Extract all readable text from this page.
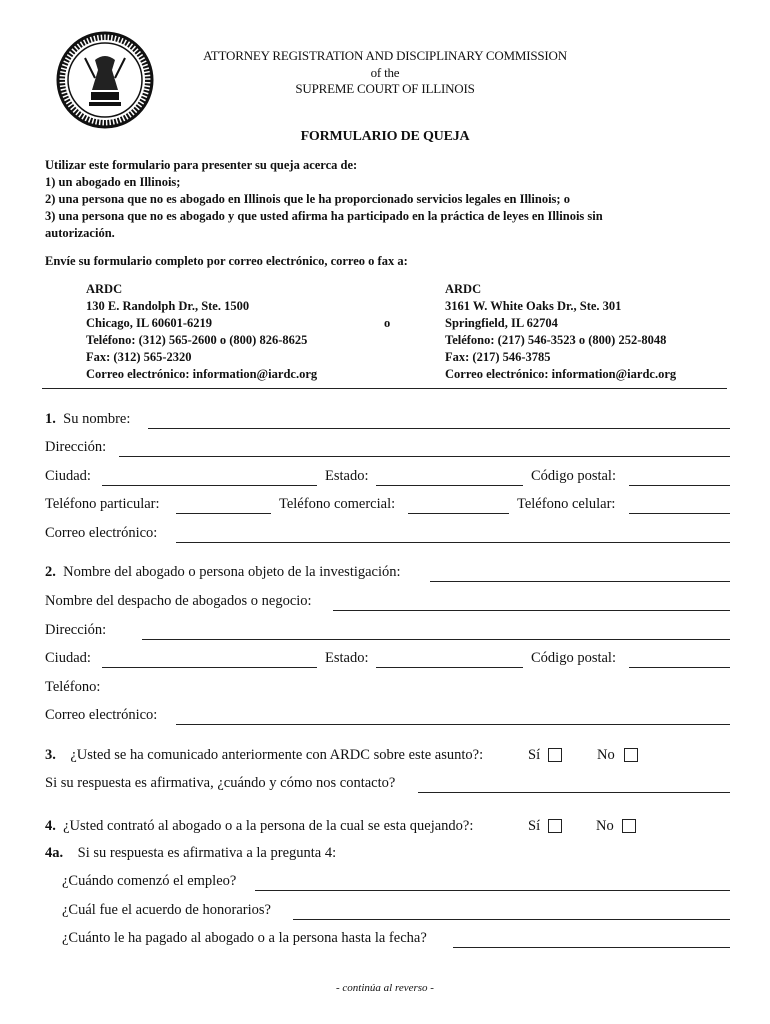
ATTORNEY REGISTRATION AND DISCIPLINARY COMMISSION
of the
SUPREME COURT OF ILLINOIS
FORMULARIO DE QUEJA
Utilizar este formulario para presenter su queja acerca de:
1) un abogado en Illinois;
2) una persona que no es abogado en Illinois que le ha proporcionado servicios legales en Illinois; o
3) una persona que no es abogado y que usted afirma ha participado en la práctica de leyes en Illinois sin
autorización.
Envíe su formulario completo por correo electrónico, correo o fax a:
ARDC
130 E. Randolph Dr., Ste. 1500
Chicago, IL 60601-6219
Teléfono: (312) 565-2600 o (800) 826-8625
Fax: (312) 565-2320
Correo electrónico: information@iardc.org
o
ARDC
3161 W. White Oaks Dr., Ste. 301
Springfield, IL 62704
Teléfono: (217) 546-3523 o (800) 252-8048
Fax: (217) 546-3785
Correo electrónico: information@iardc.org
1. Su nombre:
Dirección:
Ciudad:	Estado:	Código postal:
Teléfono particular:	Teléfono comercial:	Teléfono celular:
Correo electrónico:
2. Nombre del abogado o persona objeto de la investigación:
Nombre del despacho de abogados o negocio:
Dirección:
Ciudad:	Estado:	Código postal:
Teléfono:
Correo electrónico:
3. ¿Usted se ha comunicado anteriormente con ARDC sobre este asunto?:	Sí	No
Si su respuesta es afirmativa, ¿cuándo y cómo nos contacto?
4. ¿Usted contrató al abogado o a la persona de la cual se esta quejando?:	Sí	No
4a. Si su respuesta es afirmativa a la pregunta 4:
¿Cuándo comenzó el empleo?
¿Cuál fue el acuerdo de honorarios?
¿Cuánto le ha pagado al abogado o a la persona hasta la fecha?
- continúa al reverso -
